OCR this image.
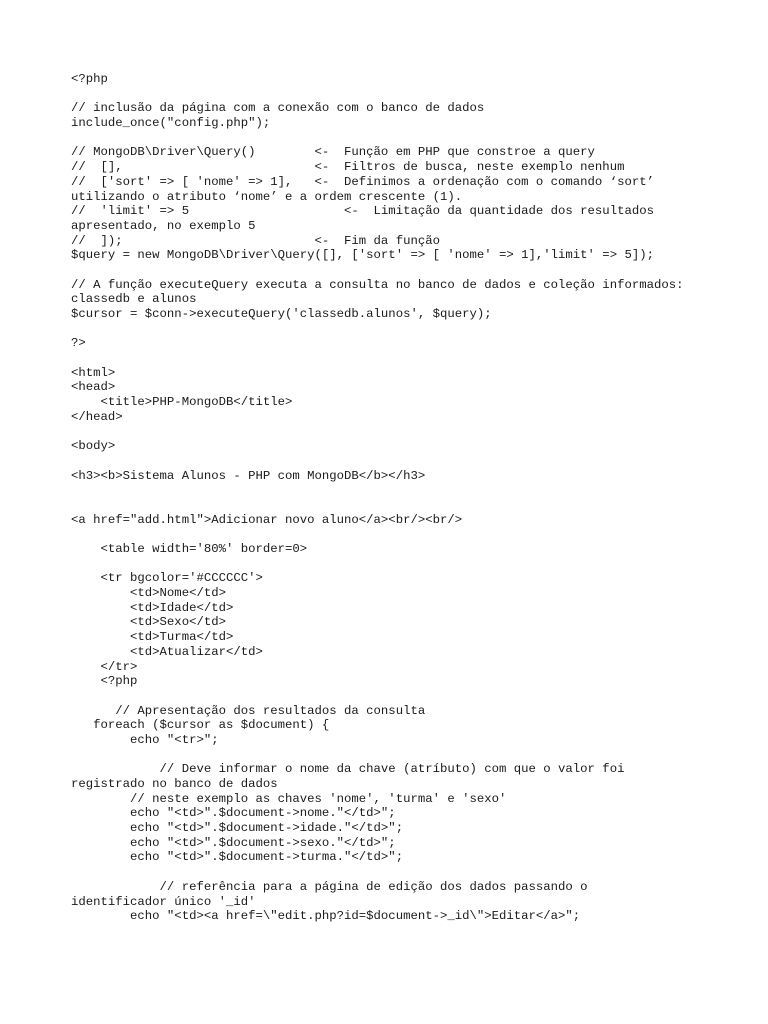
<?php
// inclusão da página com a conexão com o banco de dados
include_once("config.php");
// MongoDB\Driver\Query()        <-  Função em PHP que constroe a query
//  [],                          <-  Filtros de busca, neste exemplo nenhum
//  ['sort' => [ 'nome' => 1],   <-  Definimos a ordenação com o comando ‘sort’
utilizando o atributo ‘nome’ e a ordem crescente (1).
//  'limit' => 5                     <-  Limitação da quantidade dos resultados
apresentado, no exemplo 5
//  ]);                          <-  Fim da função
$query = new MongoDB\Driver\Query([], ['sort' => [ 'nome' => 1],'limit' => 5]);
// A função executeQuery executa a consulta no banco de dados e coleção informados:
classedb e alunos
$cursor = $conn->executeQuery('classedb.alunos', $query);
?>
<html>
<head>
<title>PHP-MongoDB</title>
</head>
<body>
<h3><b>Sistema Alunos - PHP com MongoDB</b></h3>
<a href="add.html">Adicionar novo aluno</a><br/><br/>
<table width='80%' border=0>
<tr bgcolor='#CCCCCC'>
<td>Nome</td>
<td>Idade</td>
<td>Sexo</td>
<td>Turma</td>
<td>Atualizar</td>
</tr>
<?php
// Apresentação dos resultados da consulta
foreach ($cursor as $document) {
echo "<tr>";
// Deve informar o nome da chave (atríbuto) com que o valor foi
registrado no banco de dados
// neste exemplo as chaves 'nome', 'turma' e 'sexo'
echo "<td>".$document->nome."</td>";
echo "<td>".$document->idade."</td>";
echo "<td>".$document->sexo."</td>";
echo "<td>".$document->turma."</td>";
// referência para a página de edição dos dados passando o
identificador único '_id'
echo "<td><a href=\"edit.php?id=$document->_id\">Editar</a>";
